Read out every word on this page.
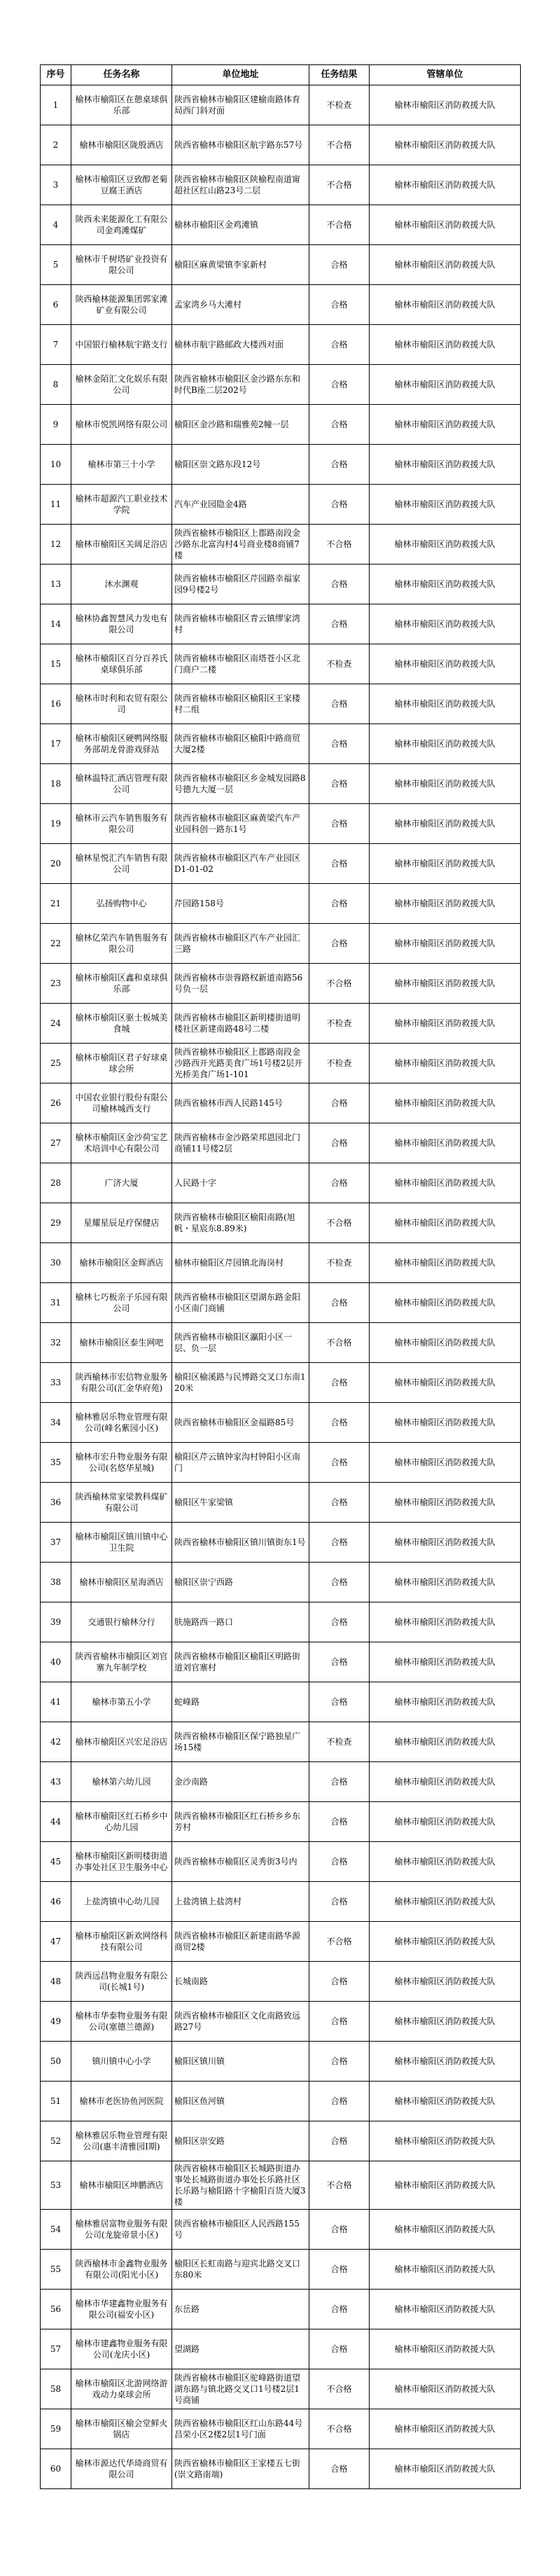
序号	任务名称	单位地址	任务结果	管辖单位
1	榆林市榆阳区在憩桌球俱乐部	陕西省榆林市榆阳区建榆南路体育局西门斜对面	不检查	榆林市榆阳区消防救援大队
2	榆林市榆阳区陇殷酒店	陕西省榆林市榆阳区航宇路东57号	不合格	榆林市榆阳区消防救援大队
3	榆林市榆阳区豆致醇老菊豆腐王酒店	陕西省榆林市榆阳区陕榆程南道甯超社区红山路23号二层	不合格	榆林市榆阳区消防救援大队
4	陕西未来能源化工有限公司金鸡滩煤矿	榆林市榆阳区金鸡滩镇	不合格	榆林市榆阳区消防救援大队
5	榆林市千树塔矿业投资有限公司	榆阳区麻黄梁镇李家新村	合格	榆林市榆阳区消防救援大队
6	陕西榆林能源集团郭家滩矿业有限公司	孟家湾乡马大滩村	合格	榆林市榆阳区消防救援大队
7	中国银行榆林航宇路支行	榆林市航宇路邮政大楼西对面	合格	榆林市榆阳区消防救援大队
8	榆林金陌汇文化娱乐有限公司	陕西省榆林市榆阳区金沙路东东和时代B座二层202号	合格	榆林市榆阳区消防救援大队
9	榆林市悦凯网络有限公司	榆阳区金沙路和瑞雅苑2幢一层	合格	榆林市榆阳区消防救援大队
10	榆林市第三十小学	榆阳区崇文路东段12号	合格	榆林市榆阳区消防救援大队
11	榆林市超源汽工职业技术学院	汽车产业园隐金4路	合格	榆林市榆阳区消防救援大队
12	榆林市榆阳区关阔足浴店	陕西省榆林市榆阳区上郡路南段金沙路东北富沟村4号商业楼8商铺7楼	不合格	榆林市榆阳区消防救援大队
13	沐水渊观	陕西省榆林市榆阳区芹园路幸福家园9号楼2号	合格	榆林市榆阳区消防救援大队
14	榆林协鑫智慧风力发电有限公司	陕西省榆林市榆阳区青云镇缪家湾村	合格	榆林市榆阳区消防救援大队
15	榆林市榆阳区百分百养氏桌球俱乐部	陕西省榆林市榆阳区南塔苍小区北门商户二楼	不检查	榆林市榆阳区消防救援大队
16	榆林市时利和农贸有限公司	陕西省榆林市榆阳区榆阳区王家楼村二组	合格	榆林市榆阳区消防救援大队
17	榆林市榆阳区硬鸭网络服务部胡龙骨游戏驿站	陕西省榆林市榆阳区榆阳中路商贸大厦2楼	合格	榆林市榆阳区消防救援大队
18	榆林温特汇酒店管理有限公司	陕西省榆林市榆阳区乡金城发园路8号德九大厦一层	合格	榆林市榆阳区消防救援大队
19	榆林市云汽车销售服务有限公司	陕西省榆林市榆阳区麻黄梁汽车产业园科创一路东1号	合格	榆林市榆阳区消防救援大队
20	榆林星悦汇汽车销售有限公司	陕西省榆林市榆阳区汽车产业园区D1-01-02	合格	榆林市榆阳区消防救援大队
21	弘扬购物中心	芹园路158号	合格	榆林市榆阳区消防救援大队
22	榆林亿荣汽车销售服务有限公司	陕西省榆林市榆阳区汽车产业园汇三路	合格	榆林市榆阳区消防救援大队
23	榆林市榆阳区鑫和桌球俱乐部	陕西省榆林市崇蓉路权新道南路56号负一层	不合格	榆林市榆阳区消防救援大队
24	榆林市榆阳区驱士板城美食城	陕西省榆林市榆阳区新明楼街道明楼社区新建南路48号二楼	不检查	榆林市榆阳区消防救援大队
25	榆林市榆阳区君子好球桌球会所	陕西省榆林市榆阳区上郡路南段金沙路西开光路美食广场1号楼2层开光桥美食广场1-101	不检查	榆林市榆阳区消防救援大队
26	中国农业银行股份有限公司榆林城西支行	陕西省榆林市西人民路145号	合格	榆林市榆阳区消防救援大队
27	榆林市榆阳区金沙荷宝艺术培训中心有限公司	陕西省榆林市金沙路荣邦恩园北门商铺11号楼2层	合格	榆林市榆阳区消防救援大队
28	广济大厦	人民路十字	合格	榆林市榆阳区消防救援大队
29	星耀星辰足疗保健店	陕西省榆林市榆阳区榆阳南路(旭帆・星宸东8.89米)	不合格	榆林市榆阳区消防救援大队
30	榆林市榆阳区金辉酒店	榆林市榆阳区芹园镇北海岗村	不检查	榆林市榆阳区消防救援大队
31	榆林七巧板亲子乐园有限公司	陕西省榆林市榆阳区望湖东路金阳小区南门商铺	合格	榆林市榆阳区消防救援大队
32	榆林市榆阳区泰生网吧	陕西省榆林市榆阳区瀛阳小区一层、负一层	不合格	榆林市榆阳区消防救援大队
33	陕西榆林市宏信物业服务有限公司(汇金华府苑)	榆阳区榆溪路与民博路交叉口东南120米	合格	榆林市榆阳区消防救援大队
34	榆林雅居乐物业管理有限公司(峰名紫园小区)	陕西省榆林市榆阳区金福路85号	合格	榆林市榆阳区消防救援大队
35	榆林市宏升物业服务有限公司(名悠华星城)	榆阳区芹云镇钟家沟村钟阳小区南门	合格	榆林市榆阳区消防救援大队
36	陕西榆林常家梁教科煤矿有限公司	榆阳区牛家梁镇	合格	榆林市榆阳区消防救援大队
37	榆林市榆阳区镇川镇中心卫生院	陕西省榆林市榆阳区镇川镇街东1号	合格	榆林市榆阳区消防救援大队
38	榆林市榆阳区星海酒店	榆阳区崇宁西路	合格	榆林市榆阳区消防救援大队
39	交通银行榆林分行	肤施路西一路口	合格	榆林市榆阳区消防救援大队
40	陕西省榆林市榆阳区刘官寨九年制学校	陕西省榆林市榆阳区榆阳区明路街道刘官寨村	合格	榆林市榆阳区消防救援大队
41	榆林市第五小学	蛇峰路	合格	榆林市榆阳区消防救援大队
42	榆林市榆阳区兴宏足浴店	陕西省榆林市榆阳区保宁路独星广场15楼	不检查	榆林市榆阳区消防救援大队
43	榆林第六幼儿园	金沙南路	合格	榆林市榆阳区消防救援大队
44	榆林市榆阳区红石桥乡中心幼儿园	陕西省榆林市榆阳区红石桥乡乡东芳村	合格	榆林市榆阳区消防救援大队
45	榆林市榆阳区新明楼街道办事处社区卫生服务中心	陕西省榆林市榆阳区灵秀街3号内	合格	榆林市榆阳区消防救援大队
46	上盐湾镇中心幼儿园	上盐湾镇上盐湾村	合格	榆林市榆阳区消防救援大队
47	榆林市榆阳区新欢网络科技有限公司	陕西省榆林市榆阳区新建南路华源商贸2楼	不合格	榆林市榆阳区消防救援大队
48	陕西远昌物业服务有限公司(长城1号)	长城南路	合格	榆林市榆阳区消防救援大队
49	榆林市华泰物业服务有限公司(塞德兰德源)	陕西省榆林市榆阳区文化南路致远路27号	合格	榆林市榆阳区消防救援大队
50	镇川镇中心小学	榆阳区镇川镇	合格	榆林市榆阳区消防救援大队
51	榆林市老医协鱼河医院	榆阳区鱼河镇	合格	榆林市榆阳区消防救援大队
52	榆林雅居乐物业管理有限公司(惠丰清雅园I期)	榆阳区崇安路	合格	榆林市榆阳区消防救援大队
53	榆林市榆阳区坤鹏酒店	陕西省榆林市榆阳区长城路街道办事处长城路街道办事处长乐路社区长乐路与榆阳路十字榆阳百货大厦3楼	不合格	榆林市榆阳区消防救援大队
54	榆林雅居富物业服务有限公司(龙旋帝景小区)	陕西省榆林市榆阳区人民西路155号	合格	榆林市榆阳区消防救援大队
55	陕西榆林市金鑫物业服务有限公司(阳光小区)	榆阳区长虹南路与迎宾北路交叉口东80米	合格	榆林市榆阳区消防救援大队
56	榆林市华建鑫物业服务有限公司(福安小区)	东岳路	合格	榆林市榆阳区消防救援大队
57	榆林市建鑫物业服务有限公司(龙庆小区)	望湖路	合格	榆林市榆阳区消防救援大队
58	榆林市榆阳区北游网络游戏动力桌球会所	陕西省榆林市榆阳区驼峰路街道望湖东路与镇北路交叉口1号楼2层1号商铺	不合格	榆林市榆阳区消防救援大队
59	榆林市榆阳区榆会堂鲜火锅店	陕西省榆林市榆阳区红山东路44号昌荣小区2楼2层1号门面	不合格	榆林市榆阳区消防救援大队
60	榆林市源达代华琦商贸有限公司	陕西省榆林市榆阳区王家楼五七街(崇文路南端)	合格	榆林市榆阳区消防救援大队
